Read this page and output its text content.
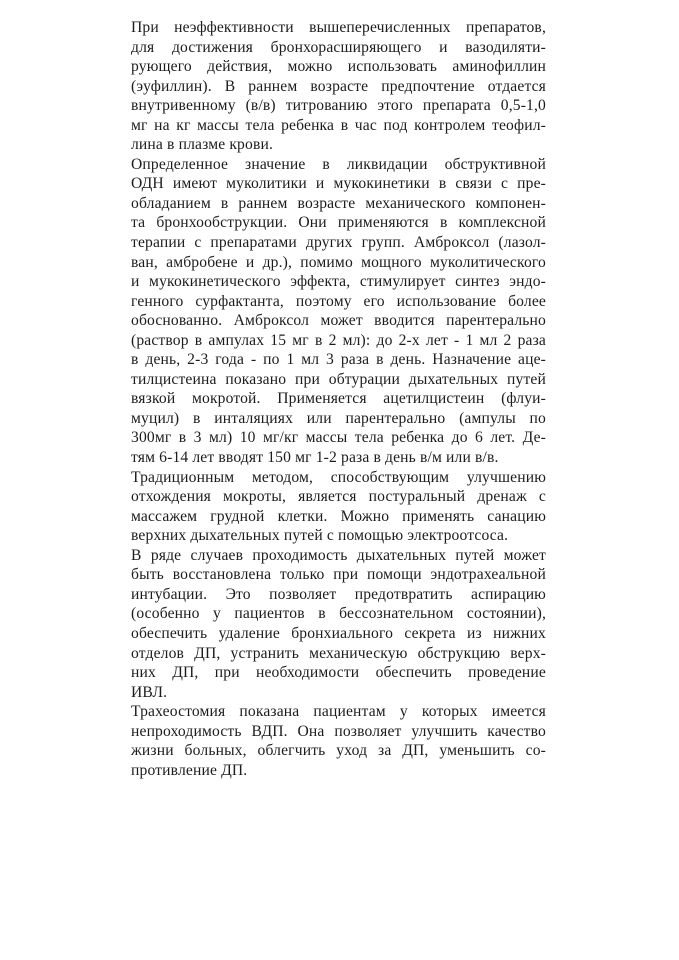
При неэффективности вышеперечисленных препаратов,
для достижения бронхорасширяющего и вазодиляти-
рующего действия, можно использовать аминофиллин
(эуфиллин). В раннем возрасте предпочтение отдается
внутривенному (в/в) титрованию этого препарата 0,5-1,0
мг на кг массы тела ребенка в час под контролем теофил-
лина в плазме крови.
Определенное значение в ликвидации обструктивной
ОДН имеют муколитики и мукокинетики в связи с пре-
обладанием в раннем возрасте механического компонен-
та бронхообструкции. Они применяются в комплексной
терапии с препаратами других групп. Амброксол (лазол-
ван, амбробене и др.), помимо мощного муколитического
и мукокинетического эффекта, стимулирует синтез эндо-
генного сурфактанта, поэтому его использование более
обоснованно. Амброксол может вводится парентерально
(раствор в ампулах 15 мг в 2 мл): до 2-х лет - 1 мл 2 раза
в день, 2-3 года - по 1 мл 3 раза в день. Назначение аце-
тилцистеина показано при обтурации дыхательных путей
вязкой мокротой. Применяется ацетилцистеин (флуи-
муцил) в инталяциях или парентерально (ампулы по
300мг в 3 мл) 10 мг/кг массы тела ребенка до 6 лет. Де-
тям 6-14 лет вводят 150 мг 1-2 раза в день в/м или в/в.
Традиционным методом, способствующим улучшению
отхождения мокроты, является постуральный дренаж с
массажем грудной клетки. Можно применять санацию
верхних дыхательных путей с помощью электроотсоса.
В ряде случаев проходимость дыхательных путей может
быть восстановлена только при помощи эндотрахеальной
интубации. Это позволяет предотвратить аспирацию
(особенно у пациентов в бессознательном состоянии),
обеспечить удаление бронхиального секрета из нижних
отделов ДП, устранить механическую обструкцию верх-
них ДП, при необходимости обеспечить проведение
ИВЛ.
Трахеостомия показана пациентам у которых имеется
непроходимость ВДП. Она позволяет улучшить качество
жизни больных, облегчить уход за ДП, уменьшить со-
противление ДП.
